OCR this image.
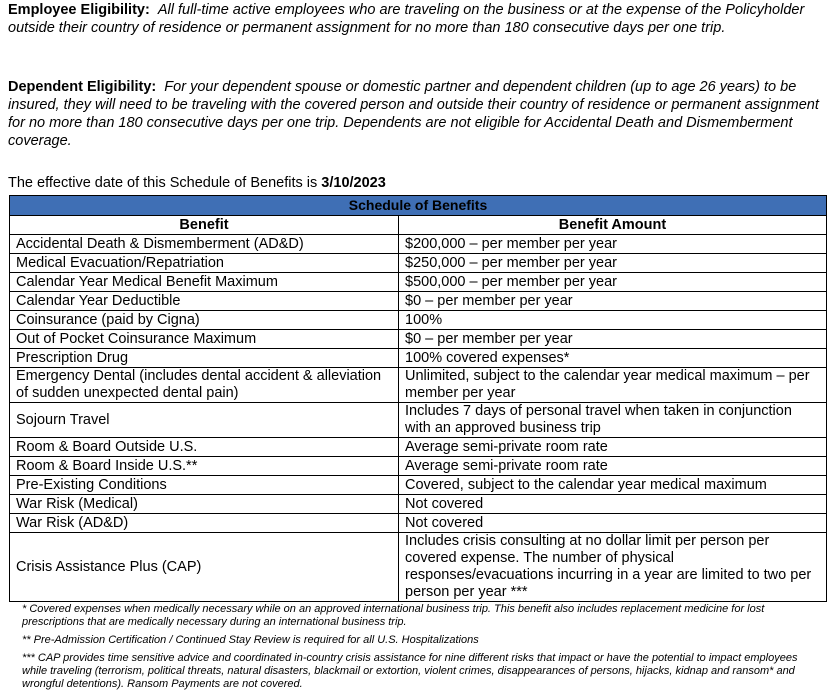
Employee Eligibility: All full-time active employees who are traveling on the business or at the expense of the Policyholder outside their country of residence or permanent assignment for no more than 180 consecutive days per one trip.
Dependent Eligibility: For your dependent spouse or domestic partner and dependent children (up to age 26 years) to be insured, they will need to be traveling with the covered person and outside their country of residence or permanent assignment for no more than 180 consecutive days per one trip. Dependents are not eligible for Accidental Death and Dismemberment coverage.
The effective date of this Schedule of Benefits is 3/10/2023
Schedule of Benefits	
Benefit	Benefit Amount
Accidental Death & Dismemberment (AD&D)	$200,000 – per member per year
Medical Evacuation/Repatriation	$250,000 – per member per year
Calendar Year Medical Benefit Maximum	$500,000 – per member per year
Calendar Year Deductible	$0 – per member per year
Coinsurance (paid by Cigna)	100%
Out of Pocket Coinsurance Maximum	$0 – per member per year
Prescription Drug	100% covered expenses*
Emergency Dental (includes dental accident & alleviation of sudden unexpected dental pain)	Unlimited, subject to the calendar year medical maximum – per member per year
Sojourn Travel	Includes 7 days of personal travel when taken in conjunction with an approved business trip
Room & Board Outside U.S.	Average semi-private room rate
Room & Board Inside U.S.**	Average semi-private room rate
Pre-Existing Conditions	Covered, subject to the calendar year medical maximum
War Risk (Medical)	Not covered
War Risk (AD&D)	Not covered
Crisis Assistance Plus (CAP)	Includes crisis consulting at no dollar limit per person per covered expense. The number of physical responses/evacuations incurring in a year are limited to two per person per year ***
* Covered expenses when medically necessary while on an approved international business trip. This benefit also includes replacement medicine for lost prescriptions that are medically necessary during an international business trip.
** Pre-Admission Certification / Continued Stay Review is required for all U.S. Hospitalizations
*** CAP provides time sensitive advice and coordinated in-country crisis assistance for nine different risks that impact or have the potential to impact employees while traveling (terrorism, political threats, natural disasters, blackmail or extortion, violent crimes, disappearances of persons, hijacks, kidnap and ransom* and wrongful detentions). Ransom Payments are not covered.
